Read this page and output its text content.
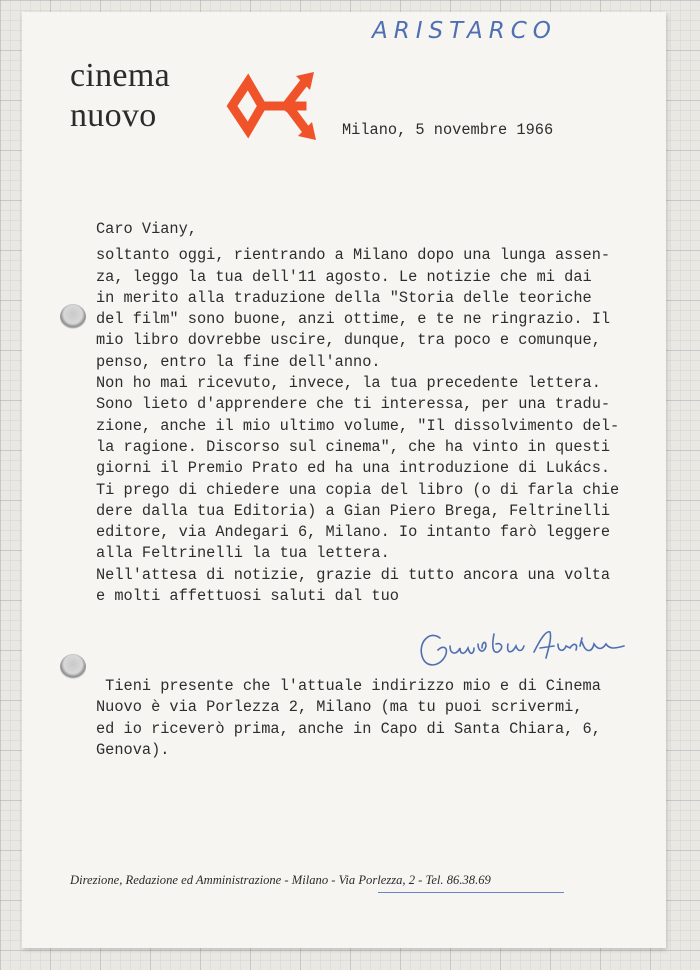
cinema
nuovo
ARISTARCO
Milano, 5 novembre 1966
Caro Viany,
soltanto oggi, rientrando a Milano dopo una lunga assen-
za, leggo la tua dell'11 agosto. Le notizie che mi dai
in merito alla traduzione della "Storia delle teoriche
del film" sono buone, anzi ottime, e te ne ringrazio. Il
mio libro dovrebbe uscire, dunque, tra poco e comunque,
penso, entro la fine dell'anno.
Non ho mai ricevuto, invece, la tua precedente lettera.
Sono lieto d'apprendere che ti interessa, per una tradu-
zione, anche il mio ultimo volume, "Il dissolvimento del-
la ragione. Discorso sul cinema", che ha vinto in questi
giorni il Premio Prato ed ha una introduzione di Lukács.
Ti prego di chiedere una copia del libro (o di farla chie
dere dalla tua Editoria) a Gian Piero Brega, Feltrinelli
editore, via Andegari 6, Milano. Io intanto farò leggere
alla Feltrinelli la tua lettera.
Nell'attesa di notizie, grazie di tutto ancora una volta
e molti affettuosi saluti dal tuo
Guido Aristarco
Tieni presente che l'attuale indirizzo mio e di Cinema
Nuovo è via Porlezza 2, Milano (ma tu puoi scrivermi,
ed io riceverò prima, anche in Capo di Santa Chiara, 6,
Genova).
Direzione, Redazione ed Amministrazione - Milano - Via Porlezza, 2 - Tel. 86.38.69
